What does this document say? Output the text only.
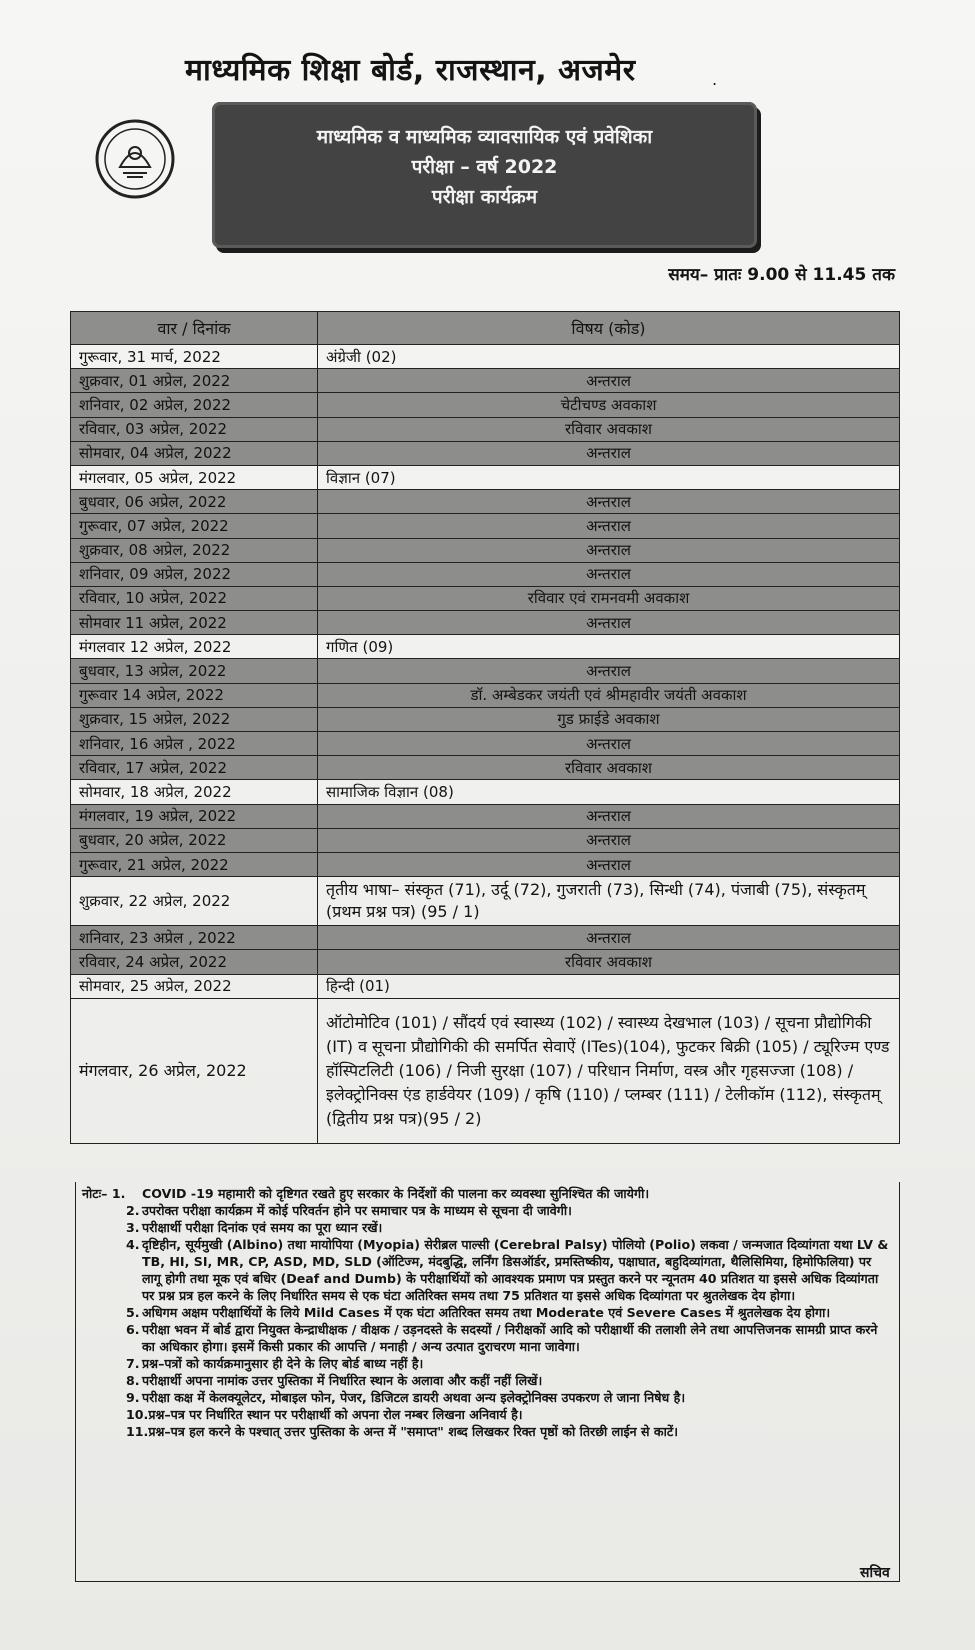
माध्यमिक शिक्षा बोर्ड, राजस्थान, अजमेर	.
माध्यमिक व माध्यमिक व्यावसायिक एवं प्रवेशिका
परीक्षा – वर्ष 2022
परीक्षा कार्यक्रम
समय– प्रातः 9.00 से 11.45 तक
वार / दिनांक	विषय (कोड)
गुरूवार, 31 मार्च, 2022	अंग्रेजी (02)
शुक्रवार, 01 अप्रेल, 2022	अन्तराल
शनिवार, 02 अप्रेल, 2022	चेटीचण्ड अवकाश
रविवार, 03 अप्रेल, 2022	रविवार अवकाश
सोमवार, 04 अप्रेल, 2022	अन्तराल
मंगलवार, 05 अप्रेल, 2022	विज्ञान (07)
बुधवार, 06 अप्रेल, 2022	अन्तराल
गुरूवार, 07 अप्रेल, 2022	अन्तराल
शुक्रवार, 08 अप्रेल, 2022	अन्तराल
शनिवार, 09 अप्रेल, 2022	अन्तराल
रविवार, 10 अप्रेल, 2022	रविवार एवं रामनवमी अवकाश
सोमवार 11 अप्रेल, 2022	अन्तराल
मंगलवार 12 अप्रेल, 2022	गणित (09)
बुधवार, 13 अप्रेल, 2022	अन्तराल
गुरूवार 14 अप्रेल, 2022	डॉ. अम्बेडकर जयंती एवं श्रीमहावीर जयंती अवकाश
शुक्रवार, 15 अप्रेल, 2022	गुड फ्राईडे अवकाश
शनिवार, 16 अप्रेल , 2022	अन्तराल
रविवार, 17 अप्रेल, 2022	रविवार अवकाश
सोमवार, 18 अप्रेल, 2022	सामाजिक विज्ञान (08)
मंगलवार, 19 अप्रेल, 2022	अन्तराल
बुधवार, 20 अप्रेल, 2022	अन्तराल
गुरूवार, 21 अप्रेल, 2022	अन्तराल
शुक्रवार, 22 अप्रेल, 2022	तृतीय भाषा– संस्कृत (71), उर्दू (72), गुजराती (73), सिन्धी (74), पंजाबी (75), संस्कृतम् (प्रथम प्रश्न पत्र) (95 / 1)
शनिवार, 23 अप्रेल , 2022	अन्तराल
रविवार, 24 अप्रेल, 2022	रविवार अवकाश
सोमवार, 25 अप्रेल, 2022	हिन्दी (01)
मंगलवार, 26 अप्रेल, 2022	ऑटोमोटिव (101) / सौंदर्य एवं स्वास्थ्य (102) / स्वास्थ्य देखभाल (103) / सूचना प्रौद्योगिकी (IT) व सूचना प्रौद्योगिकी की समर्पित सेवाऐं (ITes)(104), फुटकर बिक्री (105) / ट्यूरिज्म एण्ड हॉस्पिटलिटी (106) / निजी सुरक्षा (107) / परिधान निर्माण, वस्त्र और गृहसज्जा (108) / इलेक्ट्रोनिक्स एंड हार्डवेयर (109) / कृषि (110) / प्लम्बर (111) / टेलीकॉम (112), संस्कृतम् (द्वितीय प्रश्न पत्र)(95 / 2)
नोटः– 1.	COVID -19 महामारी को दृष्टिगत रखते हुए सरकार के निर्देशों की पालना कर व्यवस्था सुनिश्चित की जायेगी।
2. उपरोक्त परीक्षा कार्यक्रम में कोई परिवर्तन होने पर समाचार पत्र के माध्यम से सूचना दी जावेगी।
3. परीक्षार्थी परीक्षा दिनांक एवं समय का पूरा ध्यान रखें।
4. दृष्टिहीन, सूर्यमुखी (Albino) तथा मायोपिया (Myopia) सेरीब्रल पाल्सी (Cerebral Palsy) पोलियो (Polio) लकवा / जन्मजात दिव्यांगता यथा LV & TB, HI, SI, MR, CP, ASD, MD, SLD (ऑटिज्म, मंदबुद्धि, लर्निंग डिसऑर्डर, प्रमस्तिष्कीय, पक्षाघात, बहुदिव्यांगता, थैलिसिमिया, हिमोफिलिया) पर लागू होगी तथा मूक एवं बधिर (Deaf and Dumb) के परीक्षार्थियों को आवश्यक प्रमाण पत्र प्रस्तुत करने पर न्यूनतम 40 प्रतिशत या इससे अधिक दिव्यांगता पर प्रश्न प्रत्र हल करने के लिए निर्धारित समय से एक घंटा अतिरिक्त समय तथा 75 प्रतिशत या इससे अधिक दिव्यांगता पर श्रुतलेखक देय होगा।
5. अधिगम अक्षम परीक्षार्थियों के लिये Mild Cases में एक घंटा अतिरिक्त समय तथा Moderate एवं Severe Cases में श्रुतलेखक देय होगा।
6. परीक्षा भवन में बोर्ड द्वारा नियुक्त केन्द्राधीक्षक / वीक्षक / उड़नदस्ते के सदस्यों / निरीक्षकों आदि को परीक्षार्थी की तलाशी लेने तथा आपत्तिजनक सामग्री प्राप्त करने का अधिकार होगा। इसमें किसी प्रकार की आपत्ति / मनाही / अन्य उत्पात दुराचरण माना जावेगा।
7. प्रश्न–पत्रों को कार्यक्रमानुसार ही देने के लिए बोर्ड बाध्य नहीं है।
8. परीक्षार्थी अपना नामांक उत्तर पुस्तिका में निर्धारित स्थान के अलावा और कहीं नहीं लिखें।
9. परीक्षा कक्ष में केलक्यूलेटर, मोबाइल फोन, पेजर, डिजिटल डायरी अथवा अन्य इलेक्ट्रोनिक्स उपकरण ले जाना निषेध है।
10. प्रश्न–पत्र पर निर्धारित स्थान पर परीक्षार्थी को अपना रोल नम्बर लिखना अनिवार्य है।
11. प्रश्न–पत्र हल करने के पश्चात् उत्तर पुस्तिका के अन्त में "समाप्त" शब्द लिखकर रिक्त पृष्ठों को तिरछी लाईन से काटें।
सचिव
